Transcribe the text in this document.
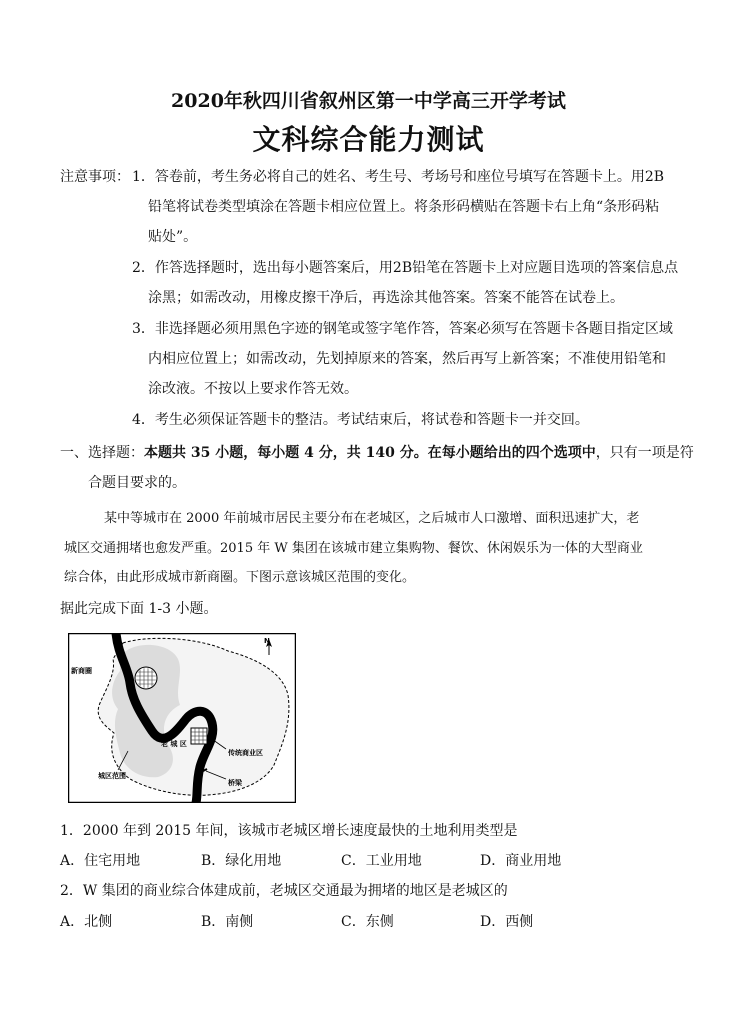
2020年秋四川省叙州区第一中学高三开学考试
文科综合能力测试
注意事项： 1．答卷前，考生务必将自己的姓名、考生号、考场号和座位号填写在答题卡上。用2B
铅笔将试卷类型填涂在答题卡相应位置上。将条形码横贴在答题卡右上角“条形码粘
贴处”。
2．作答选择题时，选出每小题答案后，用2B铅笔在答题卡上对应题目选项的答案信息点
涂黑；如需改动，用橡皮擦干净后，再选涂其他答案。答案不能答在试卷上。
3．非选择题必须用黑色字迹的钢笔或签字笔作答，答案必须写在答题卡各题目指定区域
内相应位置上；如需改动，先划掉原来的答案，然后再写上新答案；不准使用铅笔和
涂改液。不按以上要求作答无效。
4．考生必须保证答题卡的整洁。考试结束后，将试卷和答题卡一并交回。
一、选择题：本题共 35 小题，每小题 4 分，共 140 分。在每小题给出的四个选项中，只有一项是符
合题目要求的。
某中等城市在 2000 年前城市居民主要分布在老城区，之后城市人口激增、面积迅速扩大，老
城区交通拥堵也愈发严重。2015 年 W 集团在该城市建立集购物、餐饮、休闲娱乐为一体的大型商业
综合体，由此形成城市新商圈。下图示意该城区范围的变化。
据此完成下面 1-3 小题。
N
新商圈
老 城 区
传统商业区
城区范围
桥梁
1．2000 年到 2015 年间，该城市老城区增长速度最快的土地利用类型是
A．住宅用地	B．绿化用地	C．工业用地	D．商业用地
2．W 集团的商业综合体建成前，老城区交通最为拥堵的地区是老城区的
A．北侧	B．南侧	C．东侧	D．西侧
